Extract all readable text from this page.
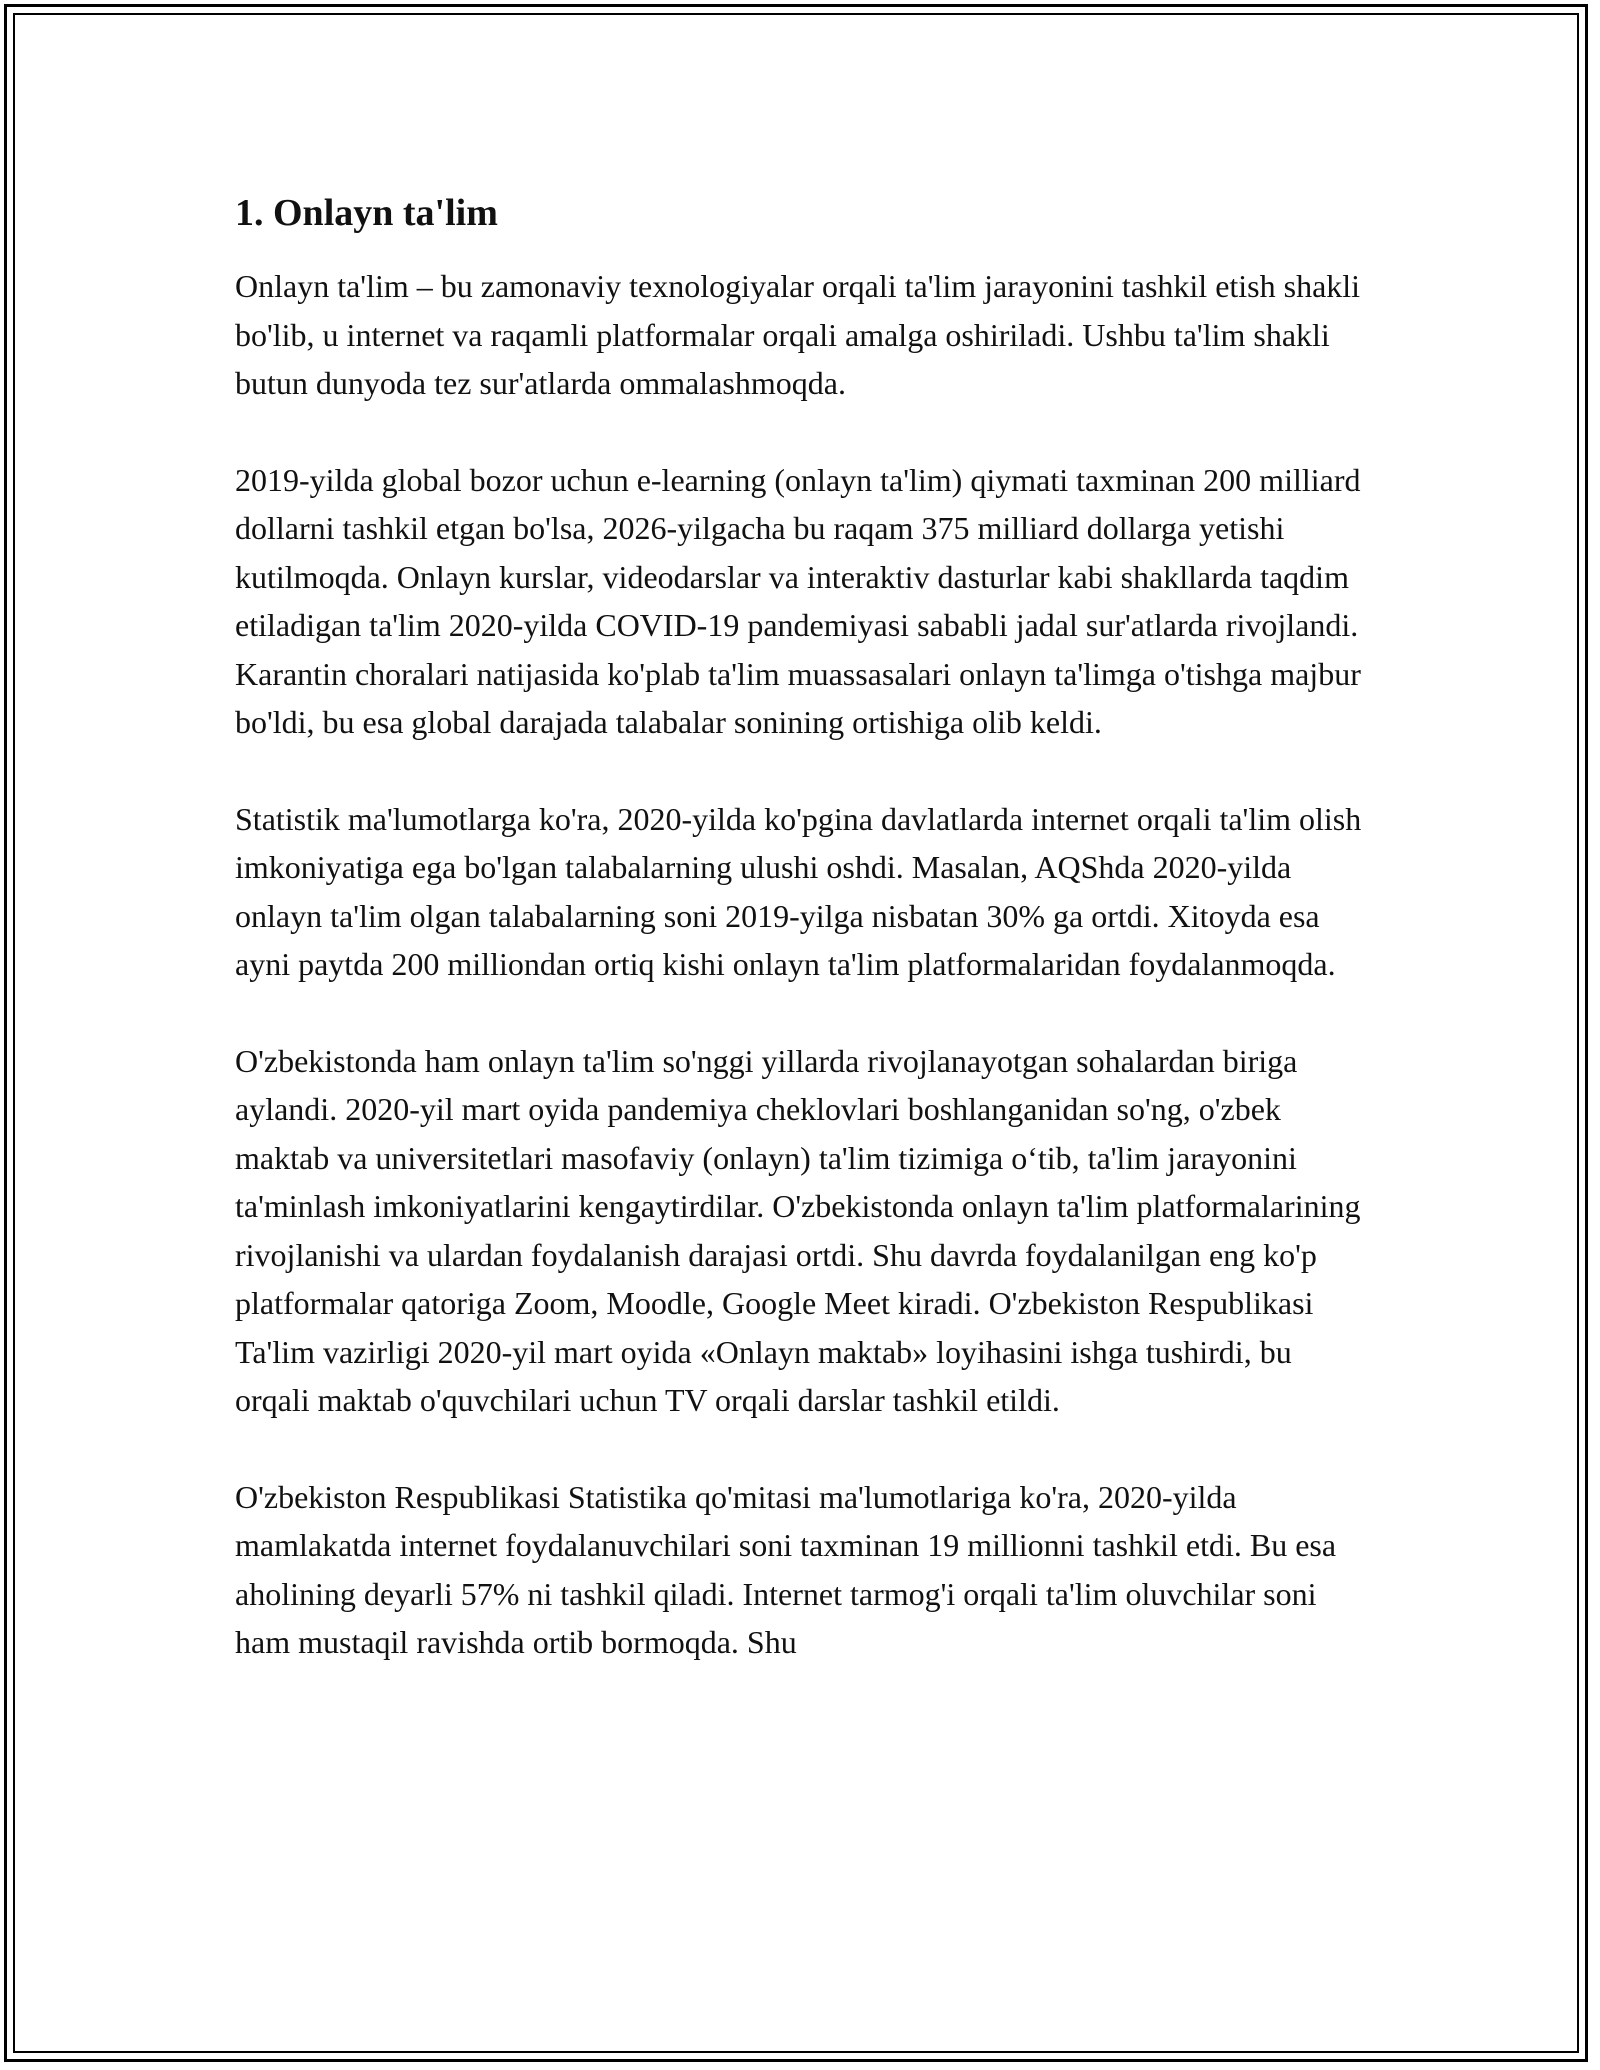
1. Onlayn ta'lim

Onlayn ta'lim – bu zamonaviy texnologiyalar orqali ta'lim jarayonini tashkil etish shakli bo'lib, u internet va raqamli platformalar orqali amalga oshiriladi. Ushbu ta'lim shakli butun dunyoda tez sur'atlarda ommalashmoqda.

2019-yilda global bozor uchun e-learning (onlayn ta'lim) qiymati taxminan 200 milliard dollarni tashkil etgan bo'lsa, 2026-yilgacha bu raqam 375 milliard dollarga yetishi kutilmoqda. Onlayn kurslar, videodarslar va interaktiv dasturlar kabi shakllarda taqdim etiladigan ta'lim 2020-yilda COVID-19 pandemiyasi sababli jadal sur'atlarda rivojlandi. Karantin choralari natijasida ko'plab ta'lim muassasalari onlayn ta'limga o'tishga majbur bo'ldi, bu esa global darajada talabalar sonining ortishiga olib keldi.

Statistik ma'lumotlarga ko'ra, 2020-yilda ko'pgina davlatlarda internet orqali ta'lim olish imkoniyatiga ega bo'lgan talabalarning ulushi oshdi. Masalan, AQShda 2020-yilda onlayn ta'lim olgan talabalarning soni 2019-yilga nisbatan 30% ga ortdi. Xitoyda esa ayni paytda 200 milliondan ortiq kishi onlayn ta'lim platformalaridan foydalanmoqda.

O'zbekistonda ham onlayn ta'lim so'nggi yillarda rivojlanayotgan sohalardan biriga aylandi. 2020-yil mart oyida pandemiya cheklovlari boshlanganidan so'ng, o'zbek maktab va universitetlari masofaviy (onlayn) ta'lim tizimiga o‘tib, ta'lim jarayonini ta'minlash imkoniyatlarini kengaytirdilar. O'zbekistonda onlayn ta'lim platformalarining rivojlanishi va ulardan foydalanish darajasi ortdi. Shu davrda foydalanilgan eng ko'p platformalar qatoriga Zoom, Moodle, Google Meet kiradi. O'zbekiston Respublikasi Ta'lim vazirligi 2020-yil mart oyida «Onlayn maktab» loyihasini ishga tushirdi, bu orqali maktab o'quvchilari uchun TV orqali darslar tashkil etildi.

O'zbekiston Respublikasi Statistika qo'mitasi ma'lumotlariga ko'ra, 2020-yilda mamlakatda internet foydalanuvchilari soni taxminan 19 millionni tashkil etdi. Bu esa aholining deyarli 57% ni tashkil qiladi. Internet tarmog'i orqali ta'lim oluvchilar soni ham mustaqil ravishda ortib bormoqda. Shu
